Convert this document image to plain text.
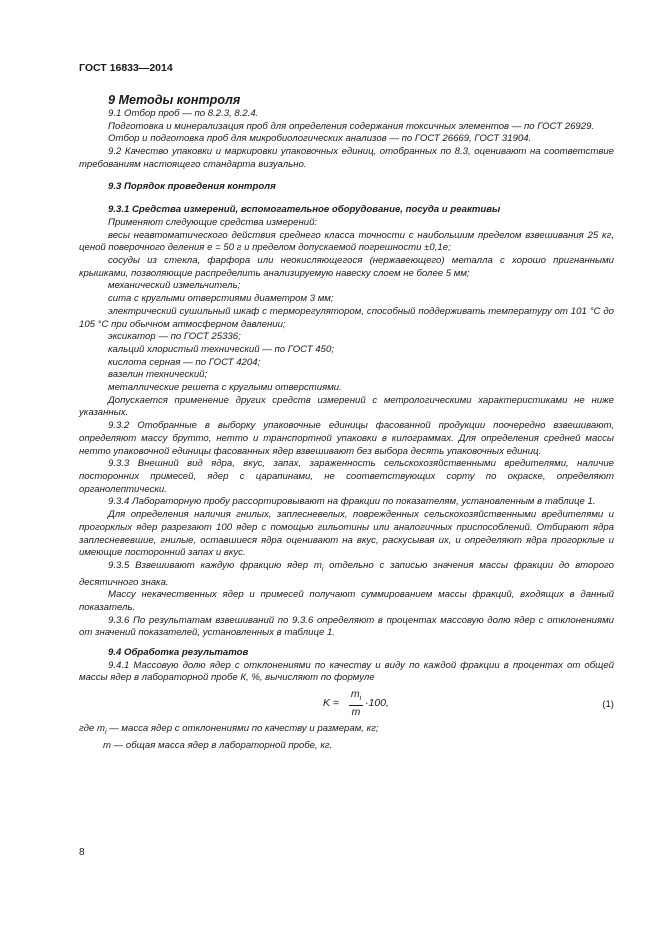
ГОСТ 16833—2014

9 Методы контроля

9.1 Отбор проб — по 8.2.3, 8.2.4.

Подготовка и минерализация проб для определения содержания токсичных элементов — по ГОСТ 26929.

Отбор и подготовка проб для микробиологических анализов — по ГОСТ 26669, ГОСТ 31904.

9.2 Качество упаковки и маркировки упаковочных единиц, отобранных по 8.3, оценивают на соответствие требованиям настоящего стандарта визуально.

9.3 Порядок проведения контроля

9.3.1 Средства измерений, вспомогательное оборудование, посуда и реактивы

Применяют следующие средства измерений:

весы неавтоматического действия среднего класса точности с наибольшим пределом взвешивания 25 кг, ценой поверочного деления e = 50 г и пределом допускаемой погрешности ±0,1e;

сосуды из стекла, фарфора или неокисляющегося (нержавеющего) металла с хорошо пригнанными крышками, позволяющие распределить анализируемую навеску слоем не более 5 мм;

механический измельчитель;

сита с круглыми отверстиями диаметром 3 мм;

электрический сушильный шкаф с терморегулятором, способный поддерживать температуру от 101 °C до 105 °C при обычном атмосферном давлении;

эксикатор — по ГОСТ 25336;

кальций хлористый технический — по ГОСТ 450;

кислота серная — по ГОСТ 4204;

вазелин технический;

металлические решета с круглыми отверстиями.

Допускается применение других средств измерений с метрологическими характеристиками не ниже указанных.

9.3.2 Отобранные в выборку упаковочные единицы фасованной продукции поочередно взвешивают, определяют массу брутто, нетто и транспортной упаковки в килограммах. Для определения средней массы нетто упаковочной единицы фасованных ядер взвешивают без выбора десять упаковочных единиц.

9.3.3 Внешний вид ядра, вкус, запах, зараженность сельскохозяйственными вредителями, наличие посторонних примесей, ядер с царапинами, не соответствующих сорту по окраске, определяют органолептически.

9.3.4 Лабораторную пробу рассортировывают на фракции по показателям, установленным в таблице 1.

Для определения наличия гнилых, заплесневелых, поврежденных сельскохозяйственными вредителями и прогорклых ядер разрезают 100 ядер с помощью гильотины или аналогичных приспособлений. Отбирают ядра заплесневевшие, гнилые, оставшиеся ядра оценивают на вкус, раскусывая их, и определяют ядра прогорклые и имеющие посторонний запах и вкус.

9.3.5 Взвешивают каждую фракцию ядер $m_i$ отдельно с записью значения массы фракции до второго десятичного знака.

Массу некачественных ядер и примесей получают суммированием массы фракций, входящих в данный показатель.

9.3.6 По результатам взвешиваний по 9.3.6 определяют в процентах массовую долю ядер с отклонениями от значений показателей, установленных в таблице 1.

9.4 Обработка результатов

9.4.1 Массовую долю ядер с отклонениями по качеству и виду по каждой фракции в процентах от общей массы ядер в лабораторной пробе К, %, вычисляют по формуле

$K = \frac{m_i}{m} \cdot 100$,	(1)

где $m_i$ — масса ядер с отклонениями по качеству и размерам, кг;

m — общая масса ядер в лабораторной пробе, кг.

8
